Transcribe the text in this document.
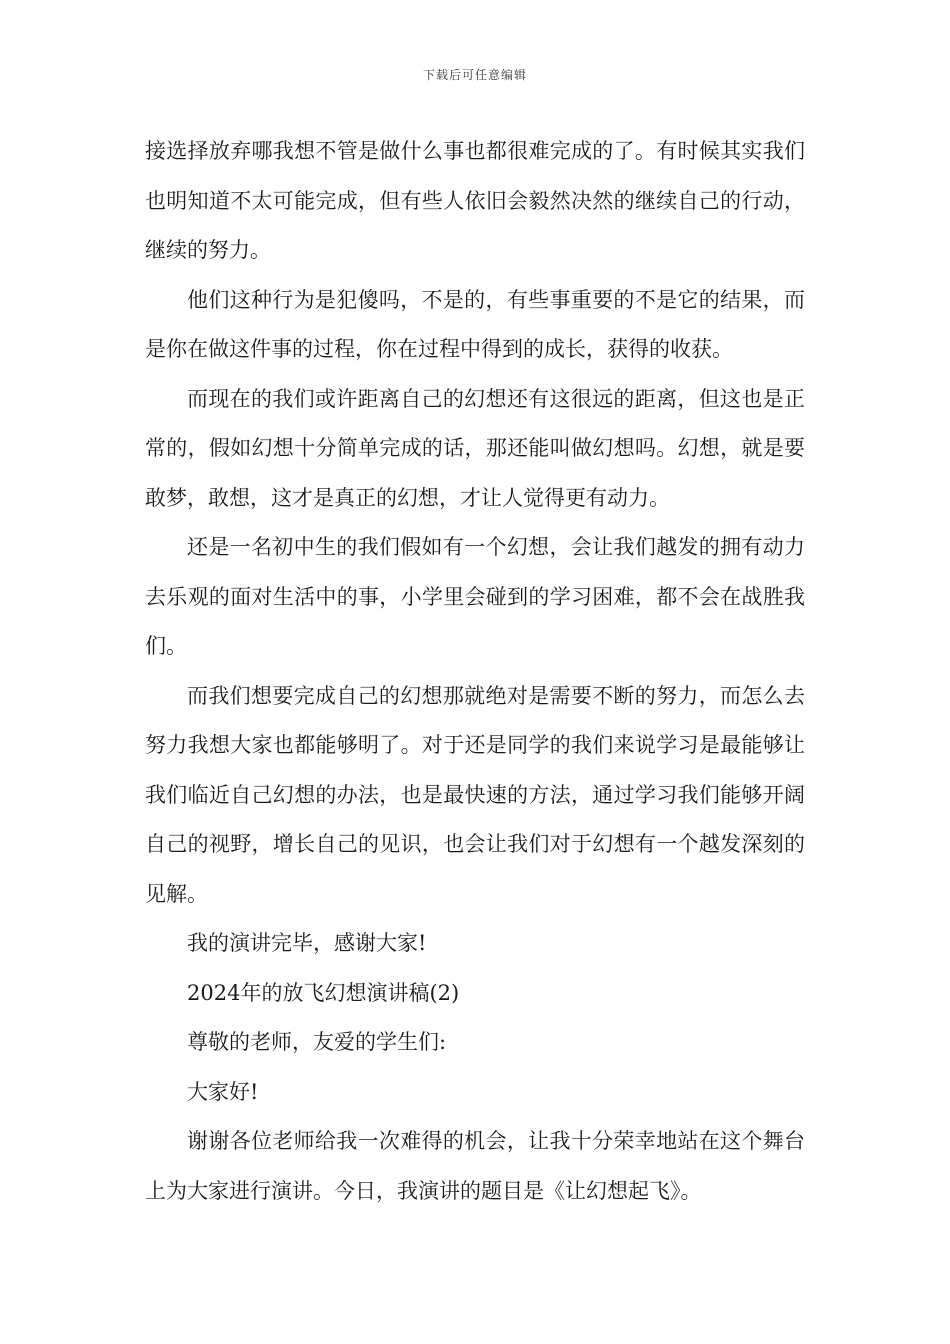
下载后可任意编辑

接选择放弃哪我想不管是做什么事也都很难完成的了。有时候其实我们也明知道不太可能完成，但有些人依旧会毅然决然的继续自己的行动，继续的努力。

他们这种行为是犯傻吗，不是的，有些事重要的不是它的结果，而是你在做这件事的过程，你在过程中得到的成长，获得的收获。

而现在的我们或许距离自己的幻想还有这很远的距离，但这也是正常的，假如幻想十分简单完成的话，那还能叫做幻想吗。幻想，就是要敢梦，敢想，这才是真正的幻想，才让人觉得更有动力。

还是一名初中生的我们假如有一个幻想，会让我们越发的拥有动力去乐观的面对生活中的事，小学里会碰到的学习困难，都不会在战胜我们。

而我们想要完成自己的幻想那就绝对是需要不断的努力，而怎么去努力我想大家也都能够明了。对于还是同学的我们来说学习是最能够让我们临近自己幻想的办法，也是最快速的方法，通过学习我们能够开阔自己的视野，增长自己的见识，也会让我们对于幻想有一个越发深刻的见解。

我的演讲完毕，感谢大家!

2024年的放飞幻想演讲稿(2)

尊敬的老师，友爱的学生们:

大家好!

谢谢各位老师给我一次难得的机会，让我十分荣幸地站在这个舞台上为大家进行演讲。今日，我演讲的题目是《让幻想起飞》。
